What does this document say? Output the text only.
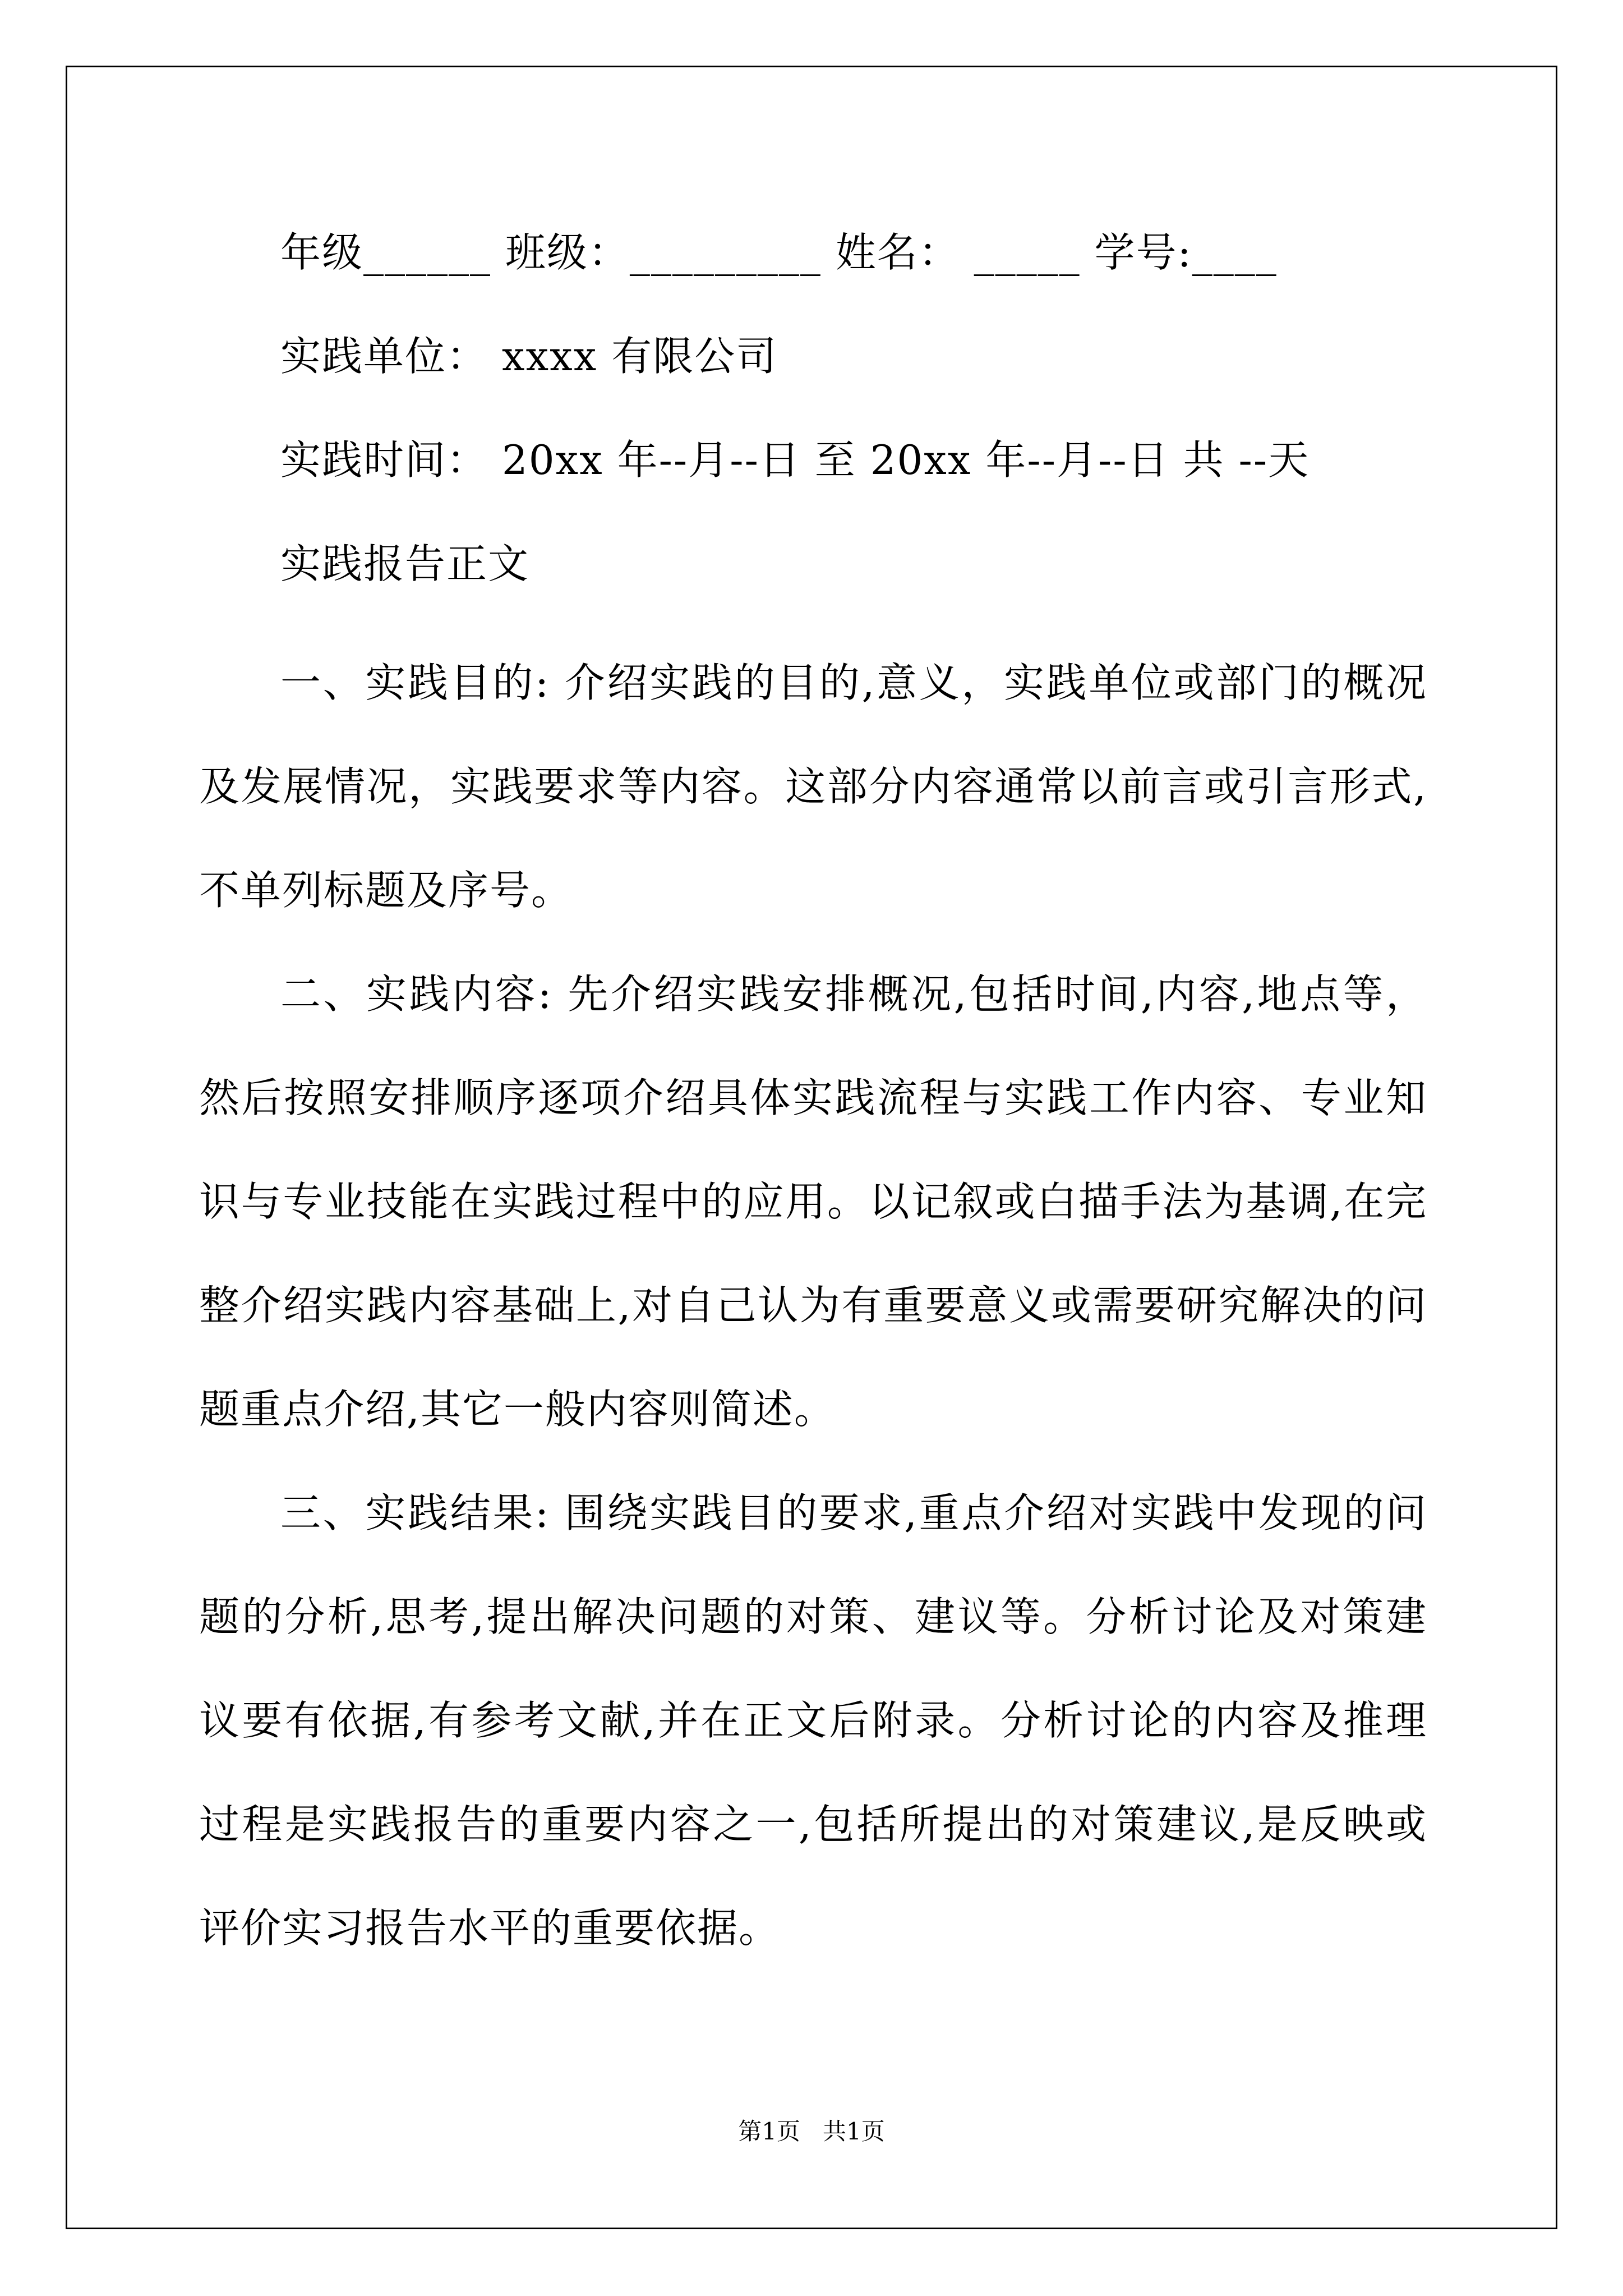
年级______ 班级：_________ 姓名： _____ 学号:____
实践单位： xxxx 有限公司
实践时间： 20xx 年--月--日 至 20xx 年--月--日 共 --天
实践报告正文
一、实践目的: 介绍实践的目的,意义，实践单位或部门的概况及发展情况，实践要求等内容。这部分内容通常以前言或引言形式,不单列标题及序号。
二、实践内容: 先介绍实践安排概况,包括时间,内容,地点等，然后按照安排顺序逐项介绍具体实践流程与实践工作内容、专业知识与专业技能在实践过程中的应用。以记叙或白描手法为基调,在完整介绍实践内容基础上,对自己认为有重要意义或需要研究解决的问题重点介绍,其它一般内容则简述。
三、实践结果: 围绕实践目的要求,重点介绍对实践中发现的问题的分析,思考,提出解决问题的对策、建议等。分析讨论及对策建议要有依据,有参考文献,并在正文后附录。分析讨论的内容及推理过程是实践报告的重要内容之一,包括所提出的对策建议,是反映或评价实习报告水平的重要依据。
第1页   共1页
